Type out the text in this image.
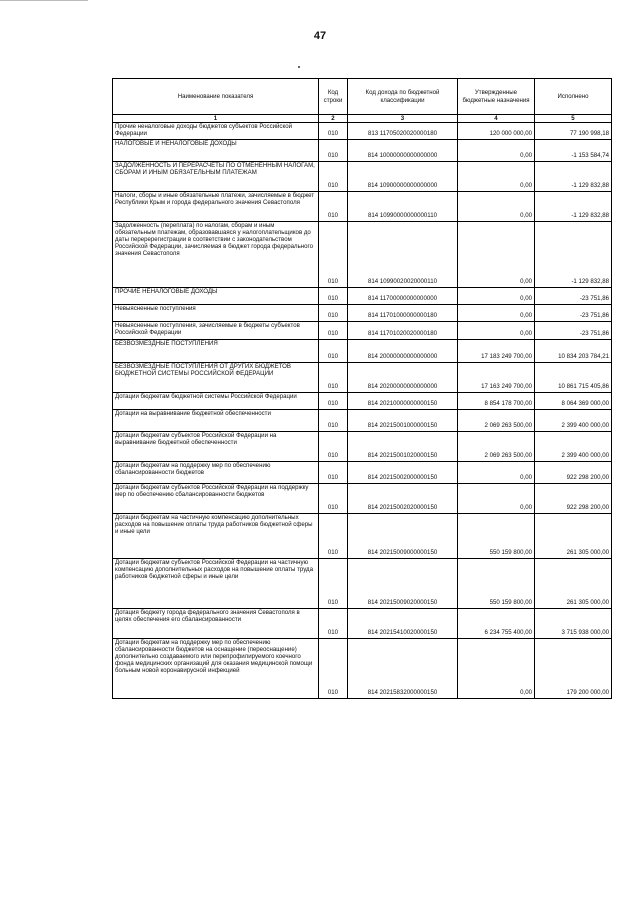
47
Наименование показателя	Код строки	Код дохода по бюджетной классификации	Утвержденные бюджетные назначения	Исполнено
1	2	3	4	5
Прочие неналоговые доходы бюджетов субъектов Российской Федерации	010	813 11705020020000180	120 000 000,00	77 190 998,18
НАЛОГОВЫЕ И НЕНАЛОГОВЫЕ ДОХОДЫ	010	814 10000000000000000	0,00	-1 153 584,74
ЗАДОЛЖЕННОСТЬ И ПЕРЕРАСЧЕТЫ ПО ОТМЕНЕННЫМ НАЛОГАМ, СБОРАМ И ИНЫМ ОБЯЗАТЕЛЬНЫМ ПЛАТЕЖАМ	010	814 10900000000000000	0,00	-1 129 832,88
Налоги, сборы и иные обязательные платежи, зачисляемые в бюджет Республики Крым и города федерального значения Севастополя	010	814 10990000000000110	0,00	-1 129 832,88
Задолженность (переплата) по налогам, сборам и иным обязательным платежам, образовавшаяся у налогоплательщиков до даты переререгистрации в соответствии с законодательством Российской Федерации, зачисляемая в бюджет города федерального значения Севастополя	010	814 10990020020000110	0,00	-1 129 832,88
ПРОЧИЕ НЕНАЛОГОВЫЕ ДОХОДЫ	010	814 11700000000000000	0,00	-23 751,86
Невыясненные поступления	010	814 11701000000000180	0,00	-23 751,86
Невыясненные поступления, зачисляемые в бюджеты субъектов Российской Федерации	010	814 11701020020000180	0,00	-23 751,86
БЕЗВОЗМЕЗДНЫЕ ПОСТУПЛЕНИЯ	010	814 20000000000000000	17 183 249 700,00	10 834 203 784,21
БЕЗВОЗМЕЗДНЫЕ ПОСТУПЛЕНИЯ ОТ ДРУГИХ БЮДЖЕТОВ БЮДЖЕТНОЙ СИСТЕМЫ РОССИЙСКОЙ ФЕДЕРАЦИИ	010	814 20200000000000000	17 163 249 700,00	10 861 715 405,86
Дотации бюджетам бюджетной системы Российской Федерации	010	814 20210000000000150	8 854 178 700,00	8 064 369 000,00
Дотации на выравнивание бюджетной обеспеченности	010	814 20215001000000150	2 069 263 500,00	2 399 400 000,00
Дотации бюджетам субъектов Российской Федерации на выравнивание бюджетной обеспеченности	010	814 20215001020000150	2 069 263 500,00	2 399 400 000,00
Дотации бюджетам на поддержку мер по обеспечению сбалансированности бюджетов	010	814 20215002000000150	0,00	922 298 200,00
Дотации бюджетам субъектов Российской Федерации на поддержку мер по обеспечению сбалансированности бюджетов	010	814 20215002020000150	0,00	922 298 200,00
Дотации бюджетам на частичную компенсацию дополнительных расходов на повышение оплаты труда работников бюджетной сферы и иные цели	010	814 20215009000000150	550 159 800,00	261 305 000,00
Дотации бюджетам субъектов Российской Федерации на частичную компенсацию дополнительных расходов на повышение оплаты труда работников бюджетной сферы и иные цели	010	814 20215009020000150	550 159 800,00	261 305 000,00
Дотация бюджету города федерального значения Севастополя в целях обеспечения его сбалансированности	010	814 20215410020000150	6 234 755 400,00	3 715 938 000,00
Дотации бюджетам на поддержку мер по обеспечению сбалансированности бюджетов на оснащение (переоснащение) дополнительно создаваемого или перепрофилируемого коечного фонда медицинских организаций для оказания медицинской помощи больным новой коронавирусной инфекцией	010	814 20215832000000150	0,00	179 200 000,00
